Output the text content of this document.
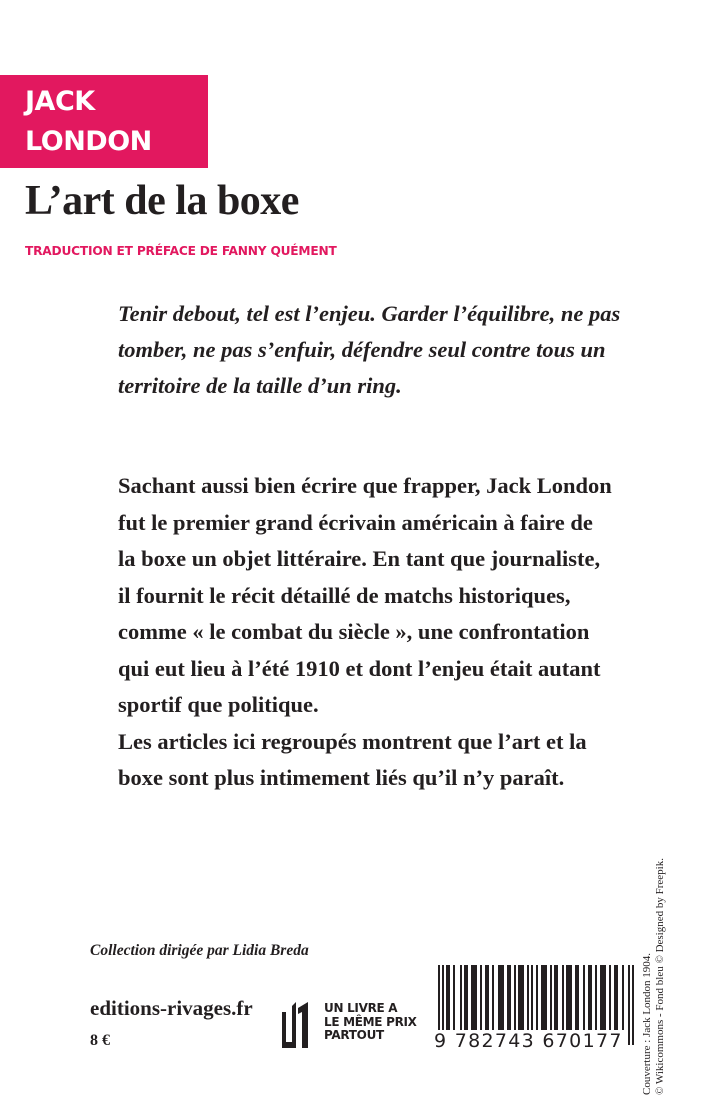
JACK
LONDON
L’art de la boxe
TRADUCTION ET PRÉFACE DE FANNY QUÉMENT
Tenir debout, tel est l’enjeu. Garder l’équilibre, ne pas
tomber, ne pas s’enfuir, défendre seul contre tous un
territoire de la taille d’un ring.
Sachant aussi bien écrire que frapper, Jack London
fut le premier grand écrivain américain à faire de
la boxe un objet littéraire. En tant que journaliste,
il fournit le récit détaillé de matchs historiques,
comme « le combat du siècle », une confrontation
qui eut lieu à l’été 1910 et dont l’enjeu était autant
sportif que politique.
Les articles ici regroupés montrent que l’art et la
boxe sont plus intimement liés qu’il n’y paraît.
Collection dirigée par Lidia Breda
editions-rivages.fr
8 €
UN LIVRE A
LE MÊME PRIX
PARTOUT	9 782743 670177 Couverture : Jack London 1904. © Wikicommons - Fond bleu © Designed by Freepik.
